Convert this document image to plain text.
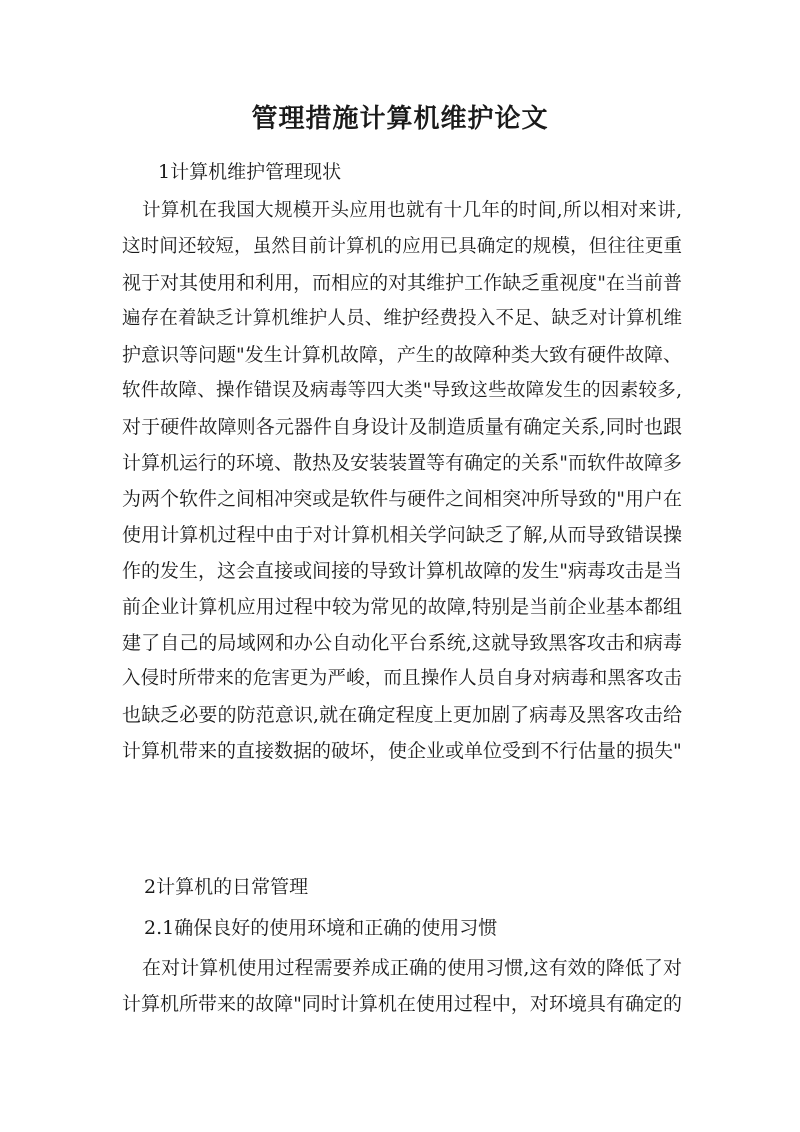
管理措施计算机维护论文
1计算机维护管理现状
计算机在我国大规模开头应用也就有十几年的时间,所以相对来讲,
这时间还较短，虽然目前计算机的应用已具确定的规模，但往往更重
视于对其使用和利用，而相应的对其维护工作缺乏重视度"在当前普
遍存在着缺乏计算机维护人员、维护经费投入不足、缺乏对计算机维
护意识等问题"发生计算机故障，产生的故障种类大致有硬件故障、
软件故障、操作错误及病毒等四大类"导致这些故障发生的因素较多,
对于硬件故障则各元器件自身设计及制造质量有确定关系,同时也跟
计算机运行的环境、散热及安装装置等有确定的关系"而软件故障多
为两个软件之间相冲突或是软件与硬件之间相突冲所导致的"用户在
使用计算机过程中由于对计算机相关学问缺乏了解,从而导致错误操
作的发生，这会直接或间接的导致计算机故障的发生"病毒攻击是当
前企业计算机应用过程中较为常见的故障,特别是当前企业基本都组
建了自己的局域网和办公自动化平台系统,这就导致黑客攻击和病毒
入侵时所带来的危害更为严峻，而且操作人员自身对病毒和黑客攻击
也缺乏必要的防范意识,就在确定程度上更加剧了病毒及黑客攻击给
计算机带来的直接数据的破坏，使企业或单位受到不行估量的损失"
2计算机的日常管理
2.1确保良好的使用环境和正确的使用习惯
在对计算机使用过程需要养成正确的使用习惯,这有效的降低了对
计算机所带来的故障"同时计算机在使用过程中，对环境具有确定的
